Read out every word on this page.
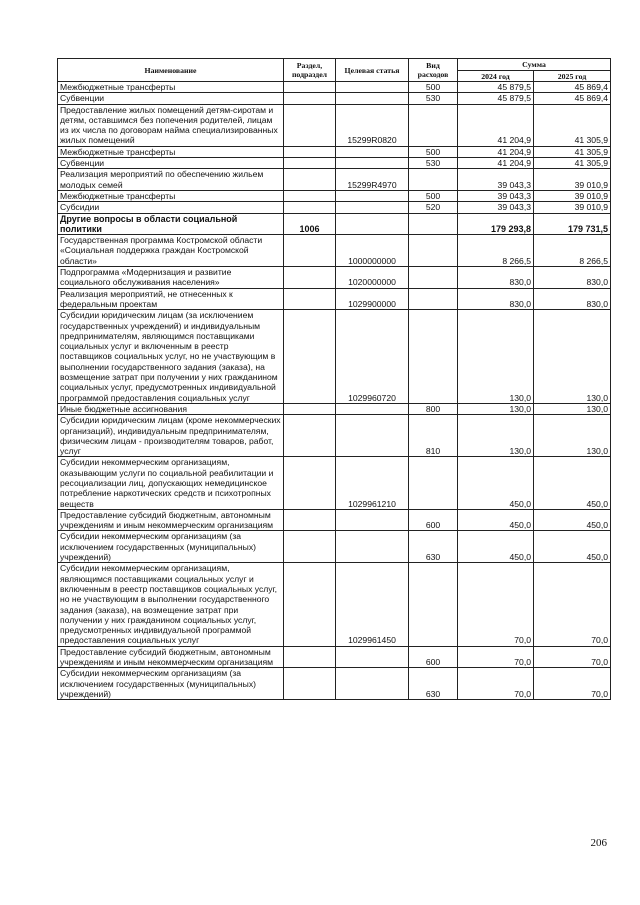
Наименование	Раздел, подраздел	Целевая статья	Вид расходов	Сумма	
				2024 год	2025 год
Межбюджетные трансферты			500	45 879,5	45 869,4
Субвенции			530	45 879,5	45 869,4
Предоставление жилых помещений детям-сиротам и детям, оставшимся без попечения родителей, лицам из их числа по договорам найма специализированных жилых помещений		15299R0820		41 204,9	41 305,9
Межбюджетные трансферты			500	41 204,9	41 305,9
Субвенции			530	41 204,9	41 305,9
Реализация мероприятий по обеспечению жильем молодых семей		15299R4970		39 043,3	39 010,9
Межбюджетные трансферты			500	39 043,3	39 010,9
Субсидии			520	39 043,3	39 010,9
Другие вопросы в области социальной политики	1006			179 293,8	179 731,5
Государственная программа Костромской области «Социальная поддержка граждан Костромской области»		1000000000		8 266,5	8 266,5
Подпрограмма «Модернизация и развитие социального обслуживания населения»		1020000000		830,0	830,0
Реализация мероприятий, не отнесенных к федеральным проектам		1029900000		830,0	830,0
Субсидии юридическим лицам (за исключением государственных учреждений) и индивидуальным предпринимателям, являющимся поставщиками социальных услуг и включенным в реестр поставщиков социальных услуг, но не участвующим в выполнении государственного задания (заказа), на возмещение затрат при получении у них гражданином социальных услуг, предусмотренных индивидуальной программой предоставления социальных услуг		1029960720		130,0	130,0
Иные бюджетные ассигнования			800	130,0	130,0
Субсидии юридическим лицам (кроме некоммерческих организаций), индивидуальным предпринимателям, физическим лицам - производителям товаров, работ, услуг			810	130,0	130,0
Субсидии некоммерческим организациям, оказывающим услуги по социальной реабилитации и ресоциализации лиц, допускающих немедицинское потребление наркотических средств и психотропных веществ		1029961210		450,0	450,0
Предоставление субсидий бюджетным, автономным учреждениям и иным некоммерческим организациям			600	450,0	450,0
Субсидии некоммерческим организациям (за исключением государственных (муниципальных) учреждений)			630	450,0	450,0
Субсидии некоммерческим организациям, являющимся поставщиками социальных услуг и включенным в реестр поставщиков социальных услуг, но не участвующим в выполнении государственного задания (заказа), на возмещение затрат при получении у них гражданином социальных услуг, предусмотренных индивидуальной программой предоставления социальных услуг		1029961450		70,0	70,0
Предоставление субсидий бюджетным, автономным учреждениям и иным некоммерческим организациям			600	70,0	70,0
Субсидии некоммерческим организациям (за исключением государственных (муниципальных) учреждений)			630	70,0	70,0
206
